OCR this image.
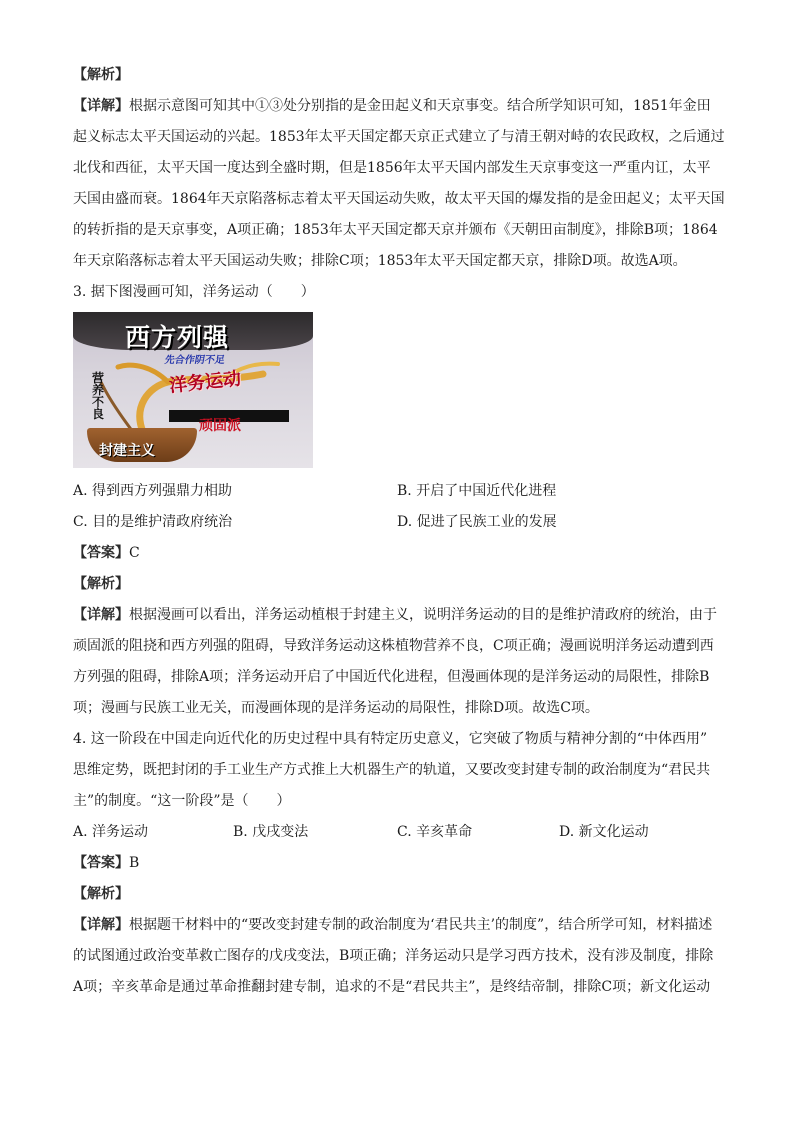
【解析】
【详解】根据示意图可知其中①③处分别指的是金田起义和天京事变。结合所学知识可知，1851年金田
起义标志太平天国运动的兴起。1853年太平天国定都天京正式建立了与清王朝对峙的农民政权，之后通过
北伐和西征，太平天国一度达到全盛时期，但是1856年太平天国内部发生天京事变这一严重内讧，太平
天国由盛而衰。1864年天京陷落标志着太平天国运动失败，故太平天国的爆发指的是金田起义；太平天国
的转折指的是天京事变，A项正确；1853年太平天国定都天京并颁布《天朝田亩制度》，排除B项；1864
年天京陷落标志着太平天国运动失败；排除C项；1853年太平天国定都天京，排除D项。故选A项。
3. 据下图漫画可知，洋务运动（　　）
西方列强
先合作阴不足
洋务运动
营养不良
顽固派
封建主义
A. 得到西方列强鼎力相助	B. 开启了中国近代化进程
C. 目的是维护清政府统治	D. 促进了民族工业的发展
【答案】C
【解析】
【详解】根据漫画可以看出，洋务运动植根于封建主义，说明洋务运动的目的是维护清政府的统治，由于
顽固派的阻挠和西方列强的阻碍，导致洋务运动这株植物营养不良，C项正确；漫画说明洋务运动遭到西
方列强的阻碍，排除A项；洋务运动开启了中国近代化进程，但漫画体现的是洋务运动的局限性，排除B
项；漫画与民族工业无关，而漫画体现的是洋务运动的局限性，排除D项。故选C项。
4. 这一阶段在中国走向近代化的历史过程中具有特定历史意义，它突破了物质与精神分割的“中体西用”
思维定势，既把封闭的手工业生产方式推上大机器生产的轨道，又要改变封建专制的政治制度为“君民共
主”的制度。“这一阶段”是（　　）
A. 洋务运动	B. 戊戌变法	C. 辛亥革命	D. 新文化运动
【答案】B
【解析】
【详解】根据题干材料中的“要改变封建专制的政治制度为‘君民共主’的制度”，结合所学可知，材料描述
的试图通过政治变革救亡图存的戊戌变法，B项正确；洋务运动只是学习西方技术，没有涉及制度，排除
A项；辛亥革命是通过革命推翻封建专制，追求的不是“君民共主”，是终结帝制，排除C项；新文化运动
